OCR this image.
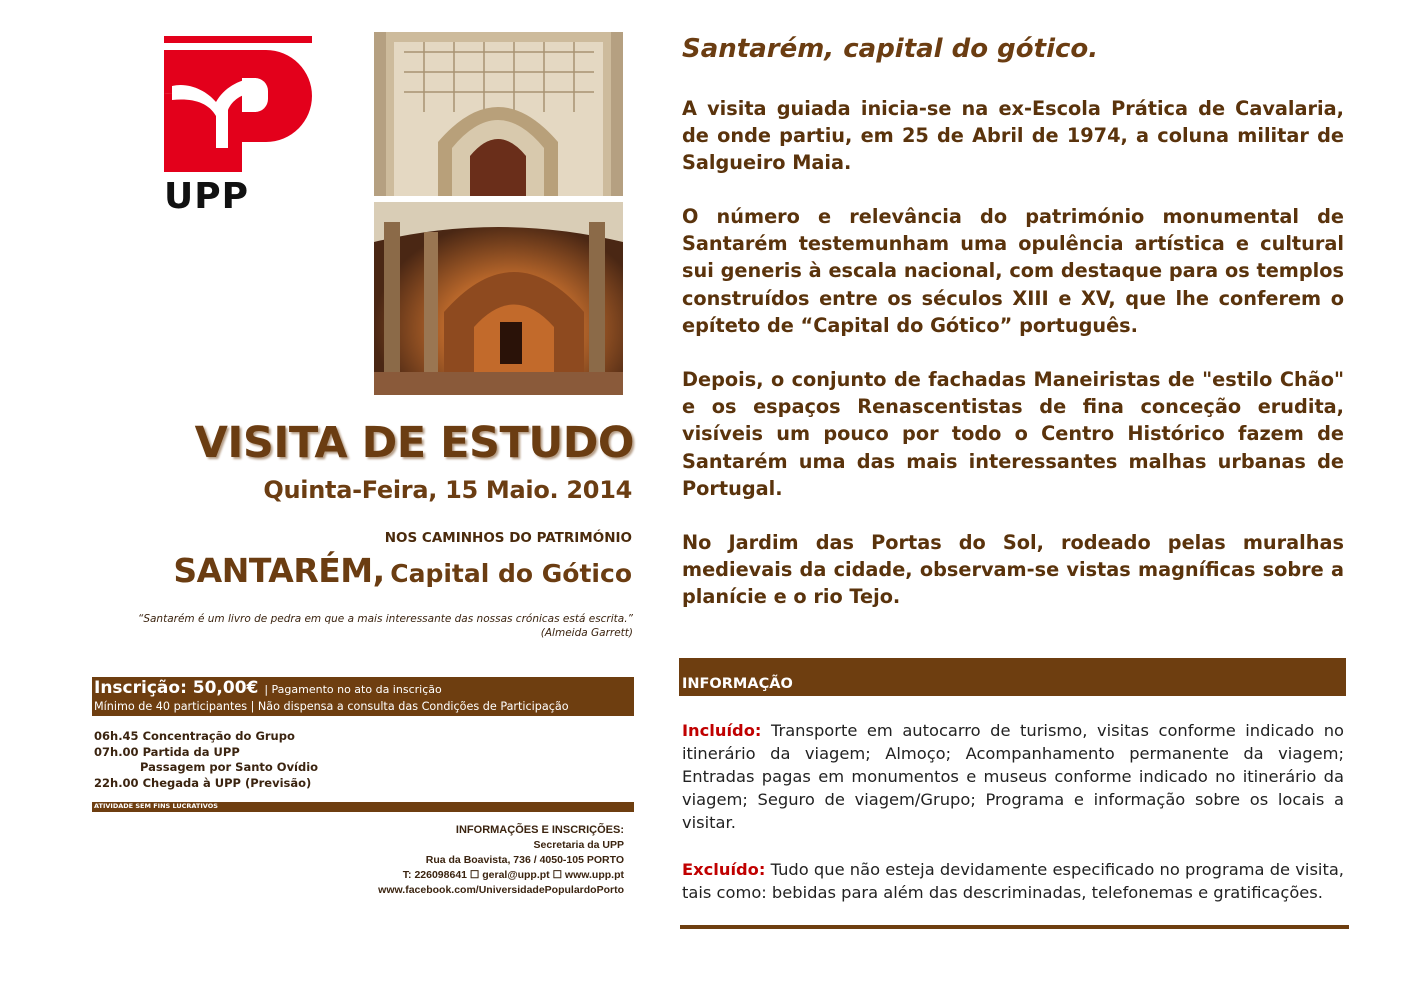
UPP
VISITA DE ESTUDO
Quinta-Feira, 15 Maio. 2014
NOS CAMINHOS DO PATRIMÓNIO
SANTARÉM, Capital do Gótico
“Santarém é um livro de pedra em que a mais interessante das nossas crónicas está escrita.”
(Almeida Garrett)
Inscrição: 50,00€ | Pagamento no ato da inscrição
Mínimo de 40 participantes | Não dispensa a consulta das Condições de Participação
06h.45 Concentração do Grupo
07h.00 Partida da UPP
Passagem por Santo Ovídio
22h.00 Chegada à UPP (Previsão)
ATIVIDADE SEM FINS LUCRATIVOS
INFORMAÇÕES E INSCRIÇÕES:
Secretaria da UPP
Rua da Boavista, 736 / 4050-105 PORTO
T: 226098641 ☐ geral@upp.pt ☐ www.upp.pt
www.facebook.com/UniversidadePopulardoPorto
Santarém, capital do gótico.
A visita guiada inicia-se na ex-Escola Prática de Cavalaria, de onde partiu, em 25 de Abril de 1974, a coluna militar de Salgueiro Maia.
O número e relevância do património monumental de Santarém testemunham uma opulência artística e cultural sui generis à escala nacional, com destaque para os templos construídos entre os séculos XIII e XV, que lhe conferem o epíteto de “Capital do Gótico” português.
Depois, o conjunto de fachadas Maneiristas de "estilo Chão" e os espaços Renascentistas de fina conceção erudita, visíveis um pouco por todo o Centro Histórico fazem de Santarém uma das mais interessantes malhas urbanas de Portugal.
No Jardim das Portas do Sol, rodeado pelas muralhas medievais da cidade, observam-se vistas magníficas sobre a planície e o rio Tejo.
INFORMAÇÃO
Incluído: Transporte em autocarro de turismo, visitas conforme indicado no itinerário da viagem; Almoço; Acompanhamento permanente da viagem; Entradas pagas em monumentos e museus conforme indicado no itinerário da viagem; Seguro de viagem/Grupo; Programa e informação sobre os locais a visitar.
Excluído: Tudo que não esteja devidamente especificado no programa de visita, tais como: bebidas para além das descriminadas, telefonemas e gratificações.
